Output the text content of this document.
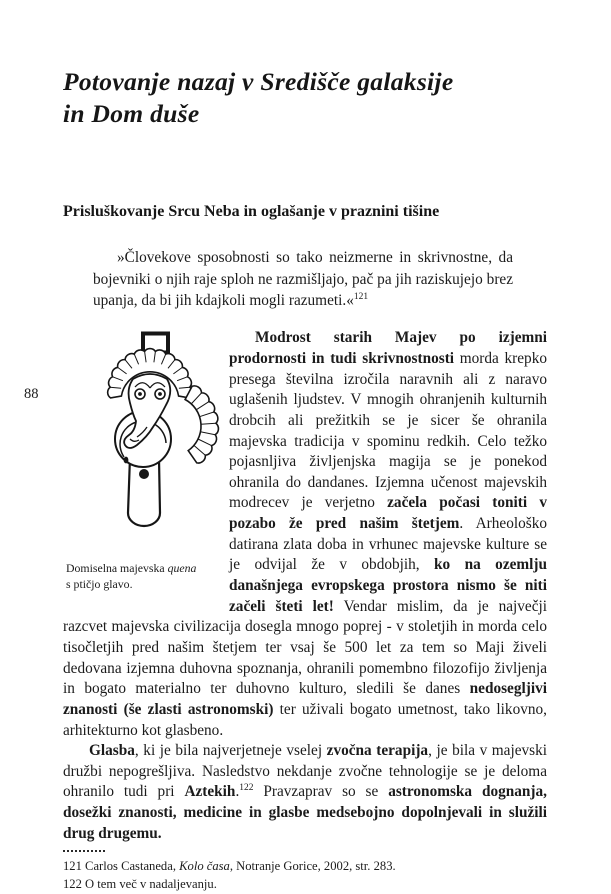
88
Potovanje nazaj v Središče galaksije
in Dom duše
Prisluškovanje Srcu Neba in oglašanje v praznini tišine
»Človekove sposobnosti so tako neizmerne in skrivnostne, da bojevniki o njih raje sploh ne razmišljajo, pač pa jih raziskujejo brez upanja, da bi jih kdajkoli mogli razumeti.«$^{121}$
Domiselna majevska quena
s ptičjo glavo.

Modrost starih Majev po izjemni prodornosti in tudi skrivnostnosti morda krepko presega številna izročila naravnih ali z naravo uglašenih ljudstev. V mnogih ohranjenih kulturnih drobcih ali prežitkih se je sicer še ohranila majevska tradicija v spominu redkih. Celo težko pojasnljiva življenjska magija se je ponekod ohranila do dandanes. Izjemna učenost majevskih modrecev je verjetno začela počasi toniti v pozabo že pred našim štetjem. Arheološko datirana zlata doba in vrhunec majevske kulture se je odvijal že v obdobjih, ko na ozemlju današnjega evropskega prostora nismo še niti začeli šteti let! Vendar mislim, da je največji razcvet majevska civilizacija dosegla mnogo poprej - v stoletjih in morda celo tisočletjih pred našim štetjem ter vsaj še 500 let za tem so Maji živeli dedovana izjemna duhovna spoznanja, ohranili pomembno filozofijo življenja in bogato materialno ter duhovno kulturo, sledili še danes nedosegljivi znanosti (še zlasti astronomski) ter uživali bogato umetnost, tako likovno, arhitekturno kot glasbeno.

Glasba, ki je bila najverjetneje vselej zvočna terapija, je bila v majevski družbi nepogrešljiva. Nasledstvo nekdanje zvočne tehnologije se je deloma ohranilo tudi pri Aztekih.$^{122}$ Pravzaprav so se astronomska dognanja, dosežki znanosti, medicine in glasbe medsebojno dopolnjevali in služili drug drugemu.

121 Carlos Castaneda, Kolo časa, Notranje Gorice, 2002, str. 283.

122 O tem več v nadaljevanju.
